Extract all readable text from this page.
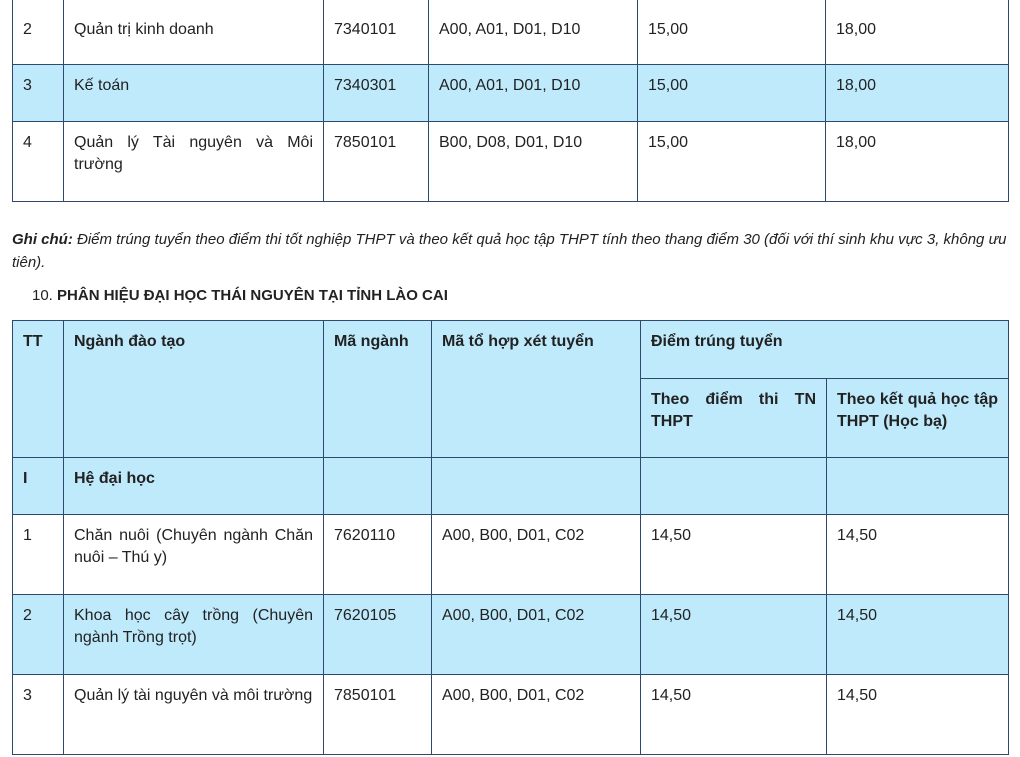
2	Quản trị kinh doanh	7340101	A00, A01, D01, D10	15,00	18,00

3	Kế toán	7340301	A00, A01, D01, D10	15,00	18,00

4	Quản lý Tài nguyên và Môi trường	7850101	B00, D08, D01, D10	15,00	18,00
Ghi chú: Điểm trúng tuyển theo điểm thi tốt nghiệp THPT và theo kết quả học tập THPT tính theo thang điểm 30 (đối với thí sinh khu vực 3, không ưu tiên).
10. PHÂN HIỆU ĐẠI HỌC THÁI NGUYÊN TẠI TỈNH LÀO CAI
TT	Ngành đào tạo	Mã ngành	Mã tổ hợp xét tuyển	Điểm trúng tuyển	

				Theo điểm thi TN THPT	Theo kết quả học tập THPT (Học bạ)

I	Hệ đại học				

1	Chăn nuôi (Chuyên ngành Chăn nuôi – Thú y)	7620110	A00, B00, D01, C02	14,50	14,50

2	Khoa học cây trồng (Chuyên ngành Trồng trọt)	7620105	A00, B00, D01, C02	14,50	14,50

3	Quản lý tài nguyên và môi trường	7850101	A00, B00, D01, C02	14,50	14,50
